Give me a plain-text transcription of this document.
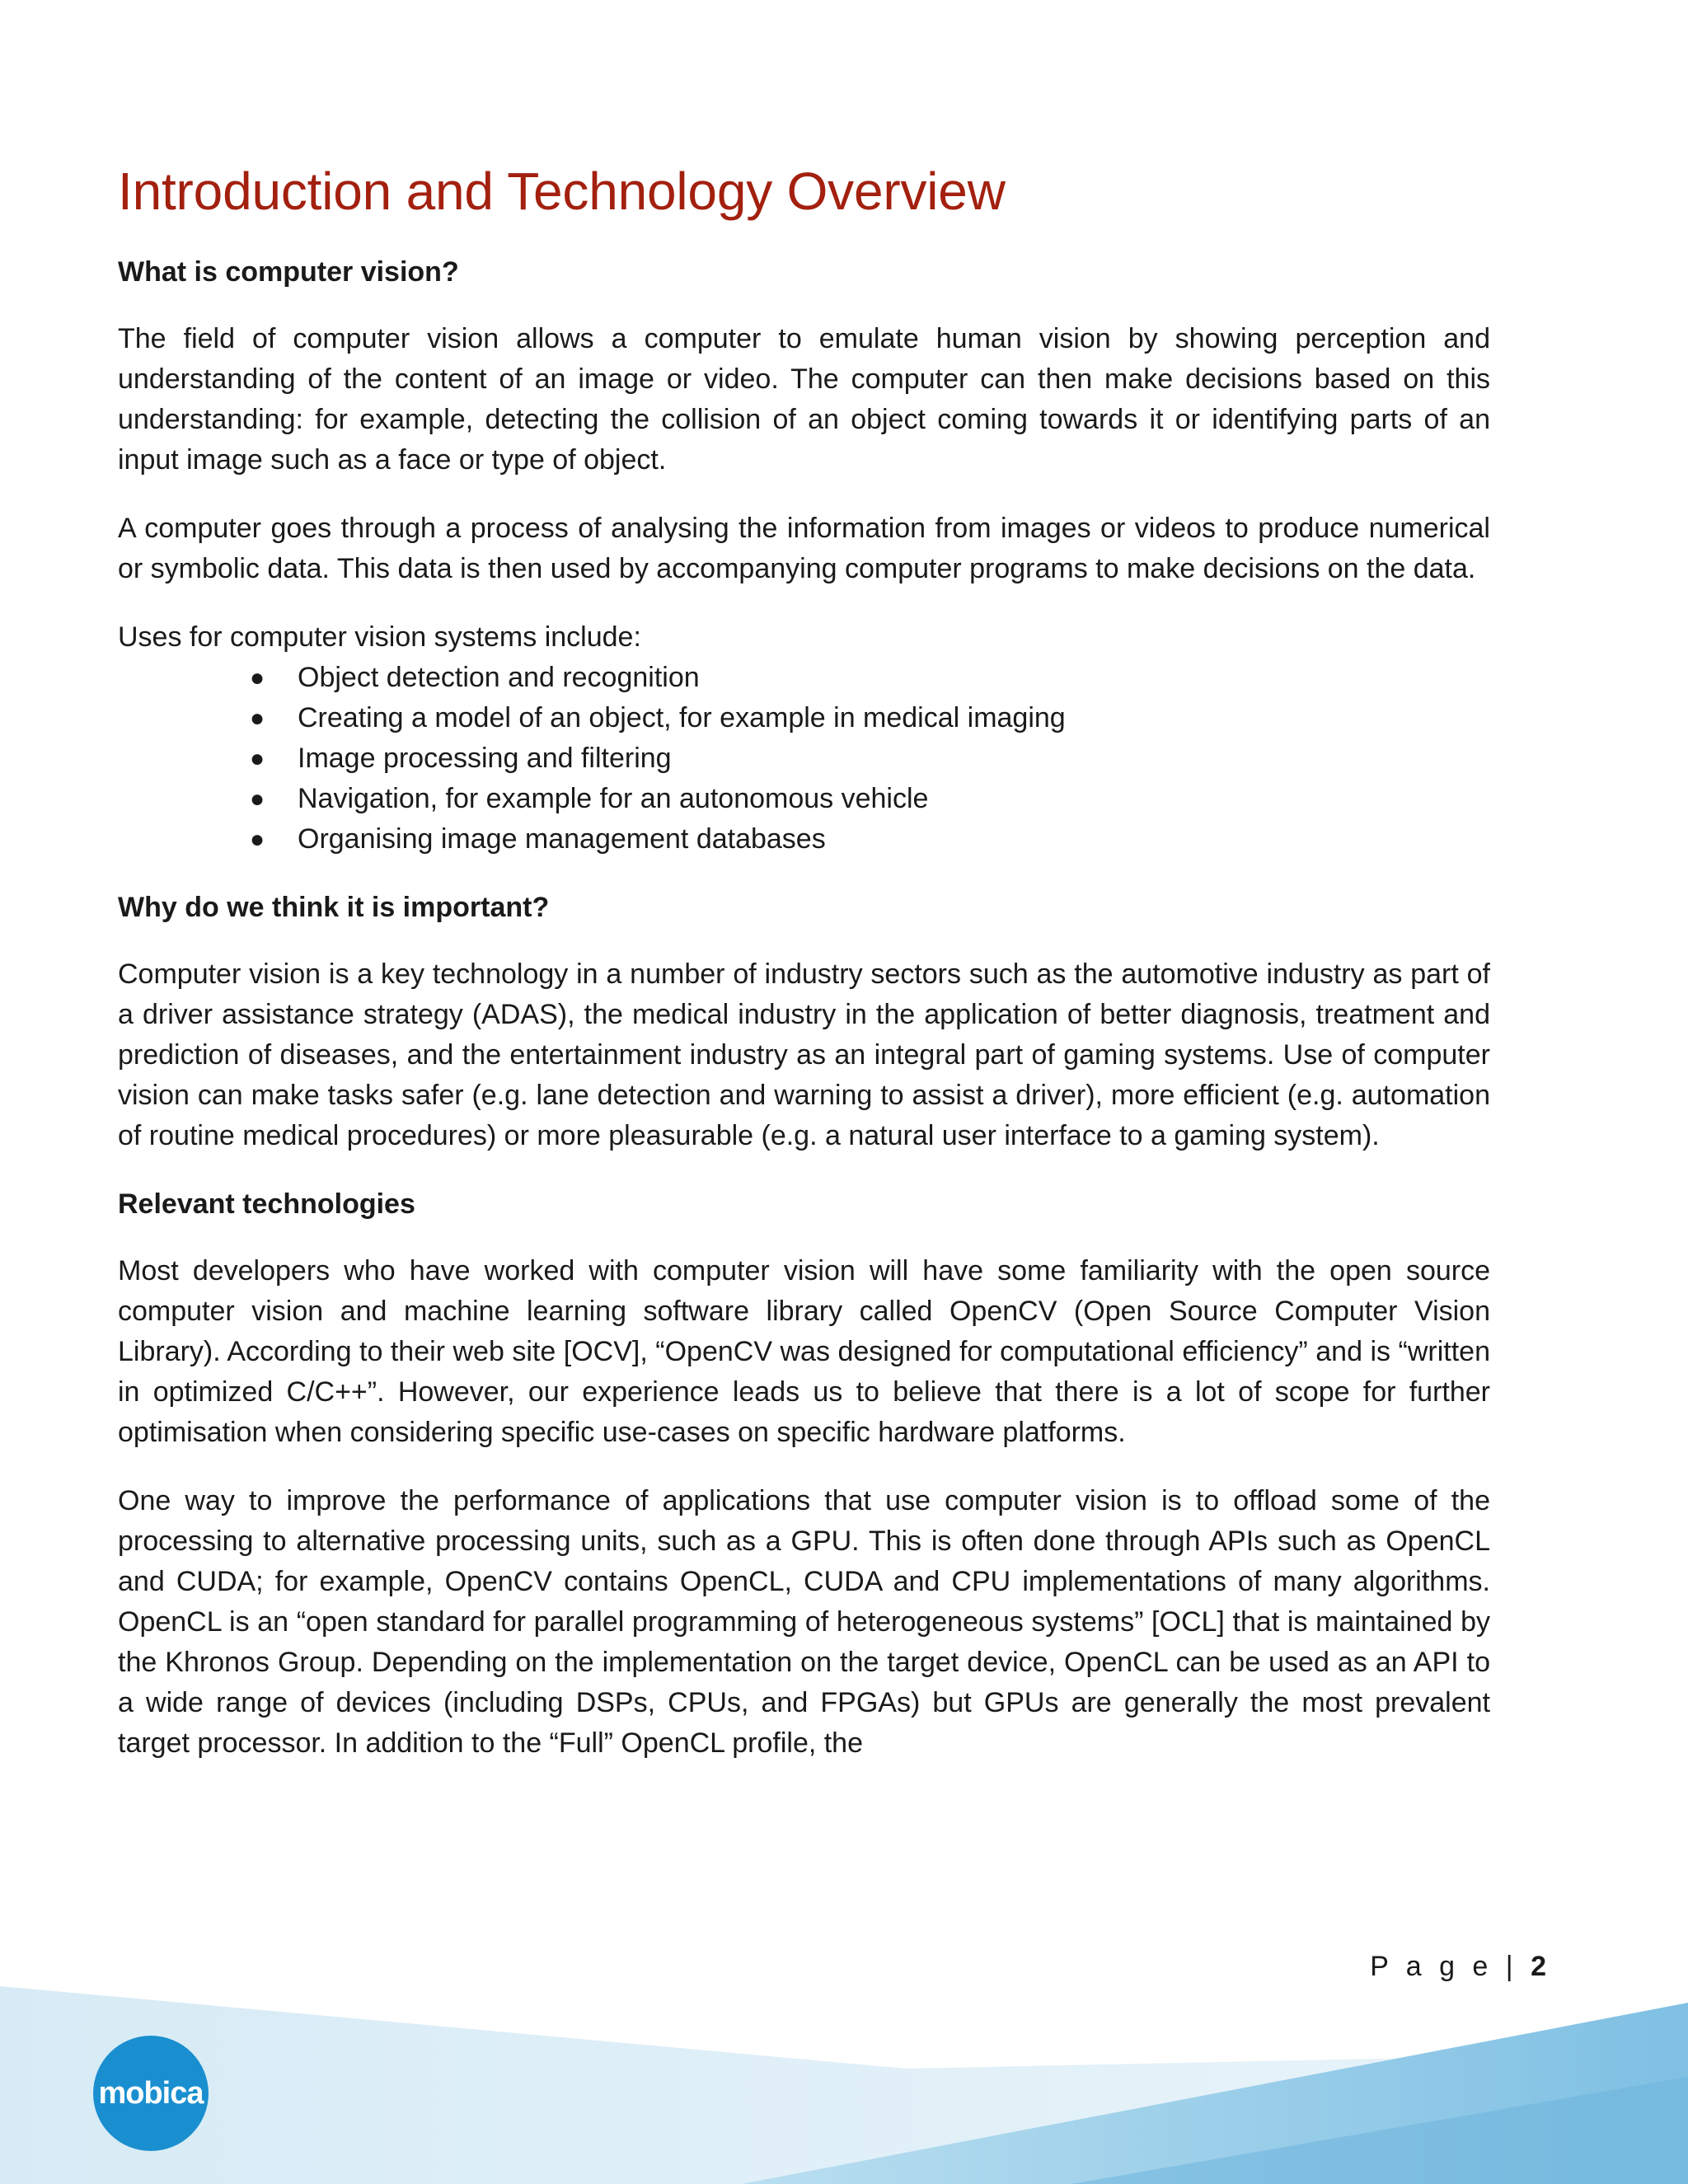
Introduction and Technology Overview
What is computer vision?

The field of computer vision allows a computer to emulate human vision by showing perception and understanding of the content of an image or video. The computer can then make decisions based on this understanding: for example, detecting the collision of an object coming towards it or identifying parts of an input image such as a face or type of object.

A computer goes through a process of analysing the information from images or videos to produce numerical or symbolic data. This data is then used by accompanying computer programs to make decisions on the data.

Uses for computer vision systems include:

● Object detection and recognition
● Creating a model of an object, for example in medical imaging
● Image processing and filtering
● Navigation, for example for an autonomous vehicle
● Organising image management databases
Why do we think it is important?

Computer vision is a key technology in a number of industry sectors such as the automotive industry as part of a driver assistance strategy (ADAS), the medical industry in the application of better diagnosis, treatment and prediction of diseases, and the entertainment industry as an integral part of gaming systems. Use of computer vision can make tasks safer (e.g. lane detection and warning to assist a driver), more efficient (e.g. automation of routine medical procedures) or more pleasurable (e.g. a natural user interface to a gaming system).

Relevant technologies

Most developers who have worked with computer vision will have some familiarity with the open source computer vision and machine learning software library called OpenCV (Open Source Computer Vision Library). According to their web site [OCV], “OpenCV was designed for computational efficiency” and is “written in optimized C/C++”. However, our experience leads us to believe that there is a lot of scope for further optimisation when considering specific use-cases on specific hardware platforms.

One way to improve the performance of applications that use computer vision is to offload some of the processing to alternative processing units, such as a GPU. This is often done through APIs such as OpenCL and CUDA; for example, OpenCV contains OpenCL, CUDA and CPU implementations of many algorithms. OpenCL is an “open standard for parallel programming of heterogeneous systems” [OCL] that is maintained by the Khronos Group. Depending on the implementation on the target device, OpenCL can be used as an API to a wide range of devices (including DSPs, CPUs, and FPGAs) but GPUs are generally the most prevalent target processor. In addition to the “Full” OpenCL profile, the

P a g e | 2
mobica
